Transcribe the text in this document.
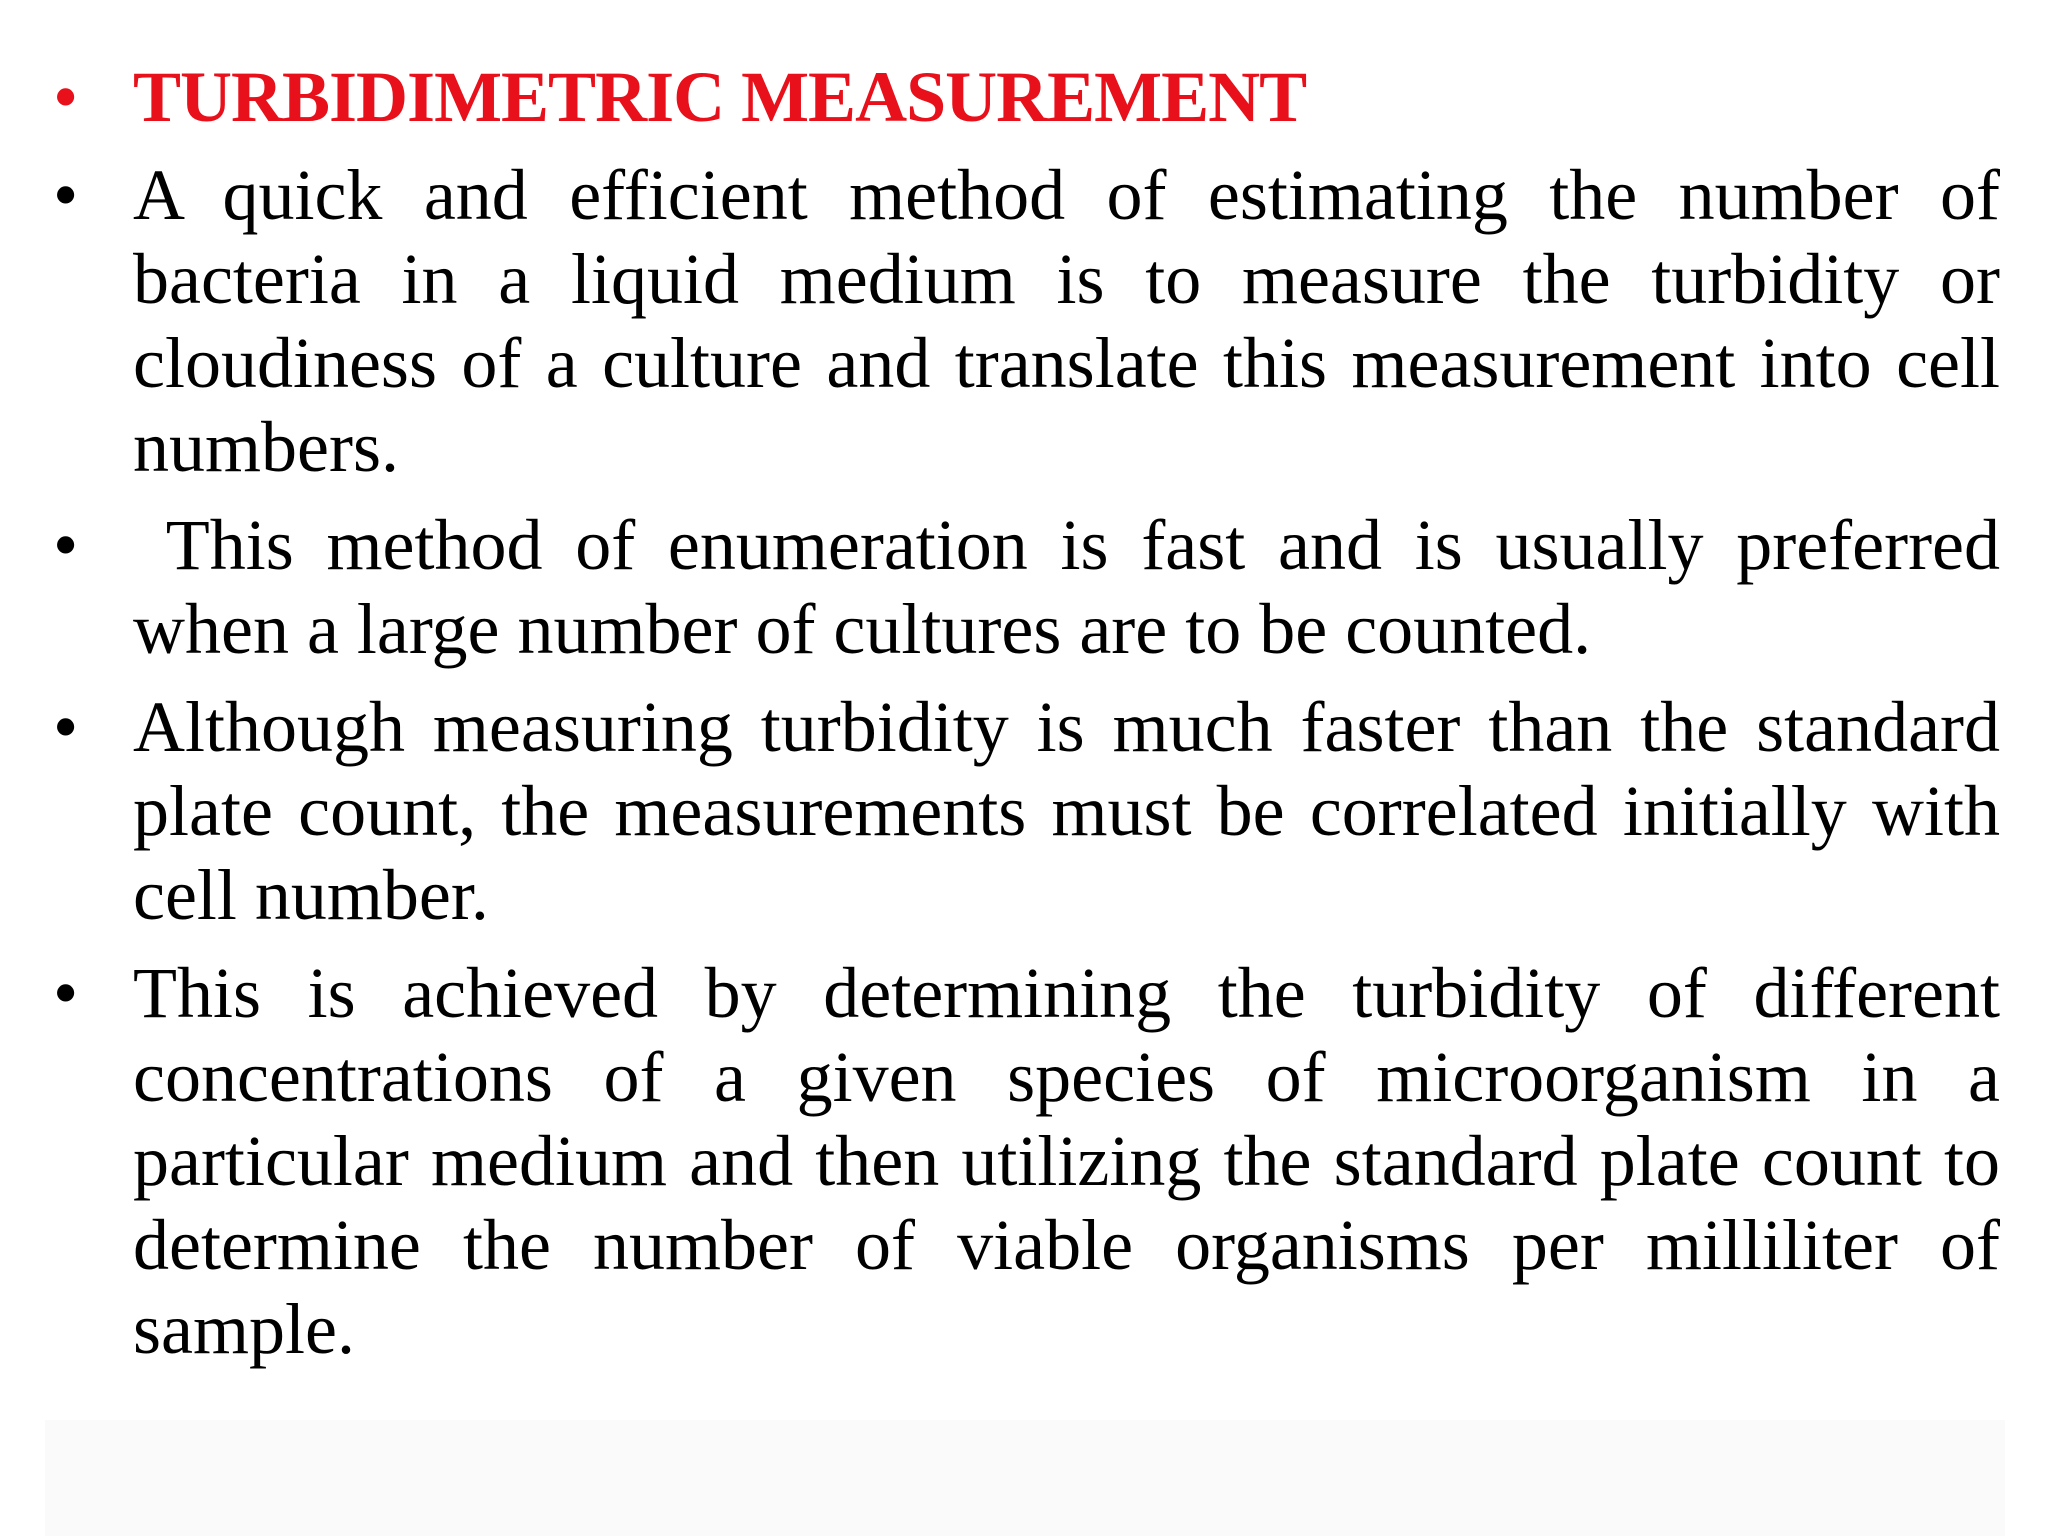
• TURBIDIMETRIC MEASUREMENT
• A quick and efficient method of estimating the number of bacteria in a liquid medium is to measure the turbidity or cloudiness of a culture and translate this measurement into cell numbers.
• This method of enumeration is fast and is usually preferred when a large number of cultures are to be counted.
• Although measuring turbidity is much faster than the standard plate count, the measurements must be correlated initially with cell number.
• This is achieved by determining the turbidity of different concentrations of a given species of microorganism in a particular medium and then utilizing the standard plate count to determine the number of viable organisms per milliliter of sample.
